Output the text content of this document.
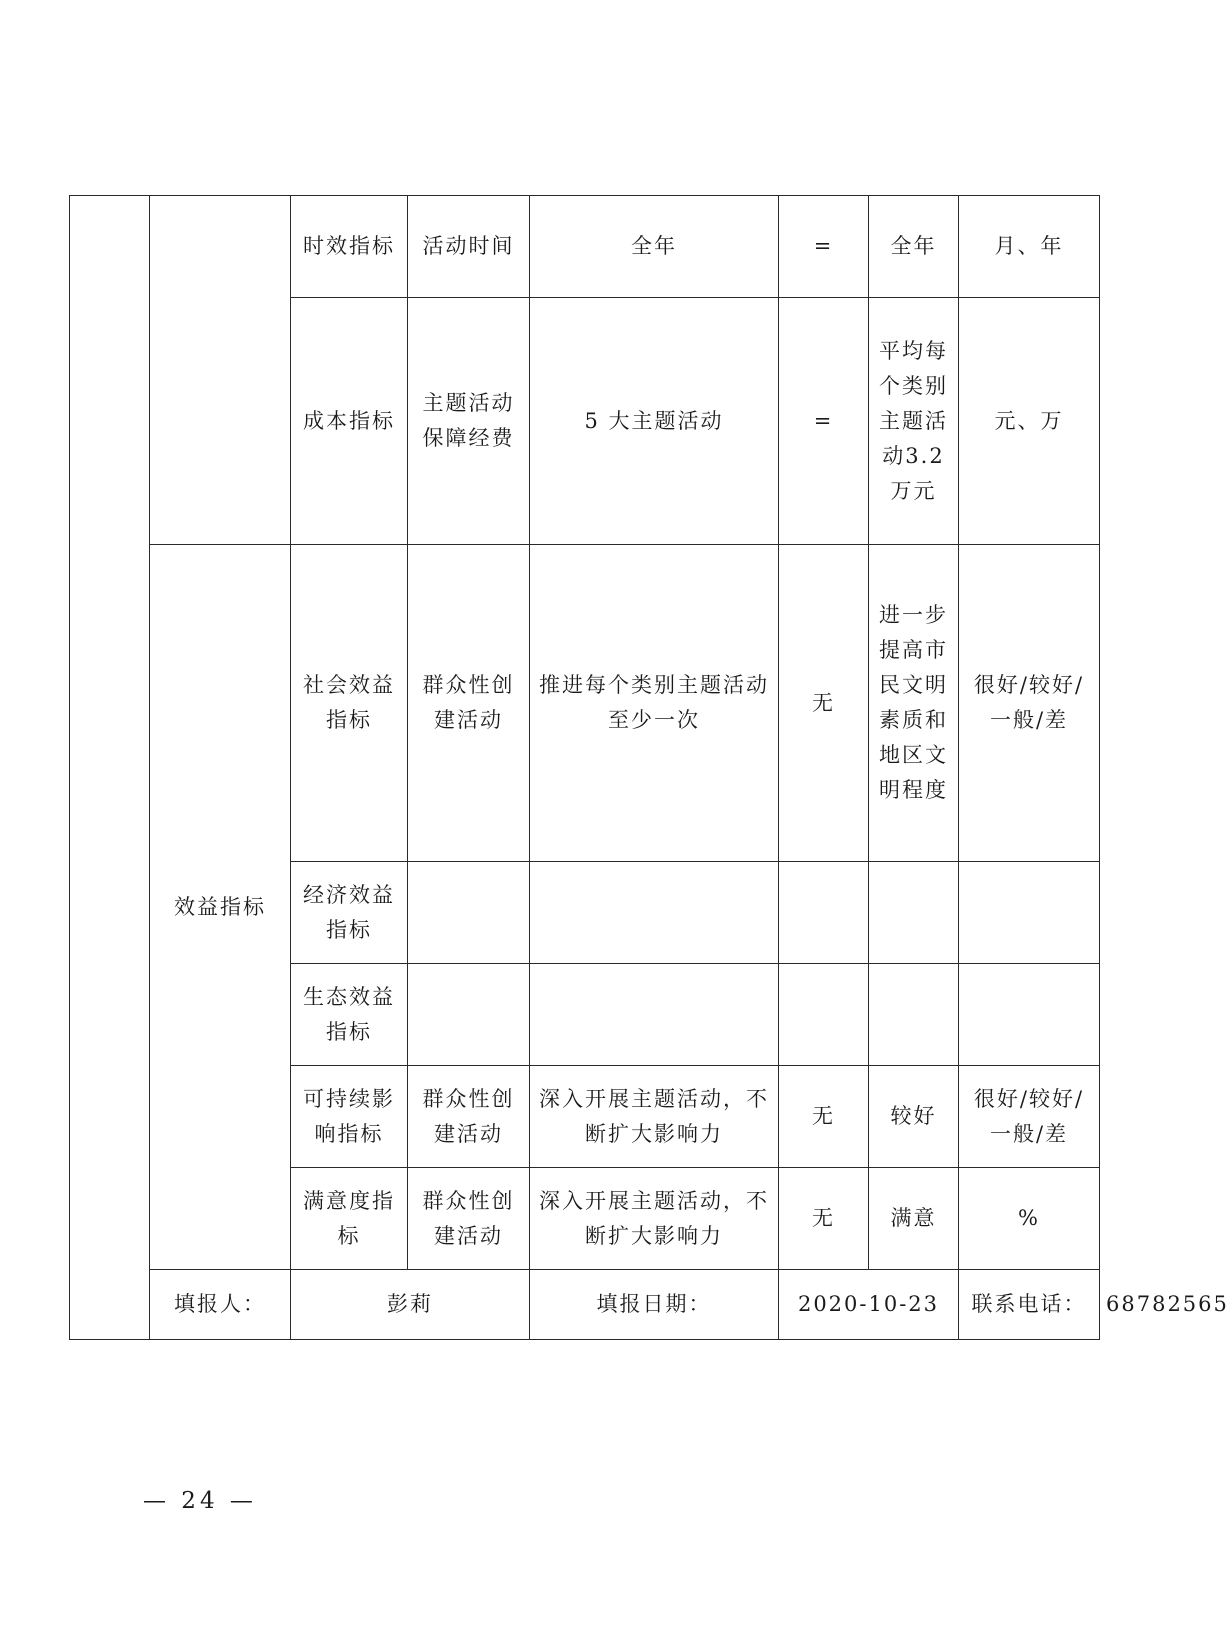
		时效指标	活动时间	全年	=	全年	月、年	
		成本指标	主题活动保障经费	5 大主题活动	=	平均每个类别主题活动3.2 万元	元、万	
	效益指标	社会效益指标	群众性创建活动	推进每个类别主题活动至少一次	无	进一步提高市民文明素质和地区文明程度	很好/较好/一般/差	
		经济效益指标						
		生态效益指标						
		可持续影响指标	群众性创建活动	深入开展主题活动，不断扩大影响力	无	较好	很好/较好/一般/差	
		满意度指标	群众性创建活动	深入开展主题活动，不断扩大影响力	无	满意	%	
	填报人：	彭莉		填报日期：	2020-10-23		联系电话：	68782565
— 24 —
